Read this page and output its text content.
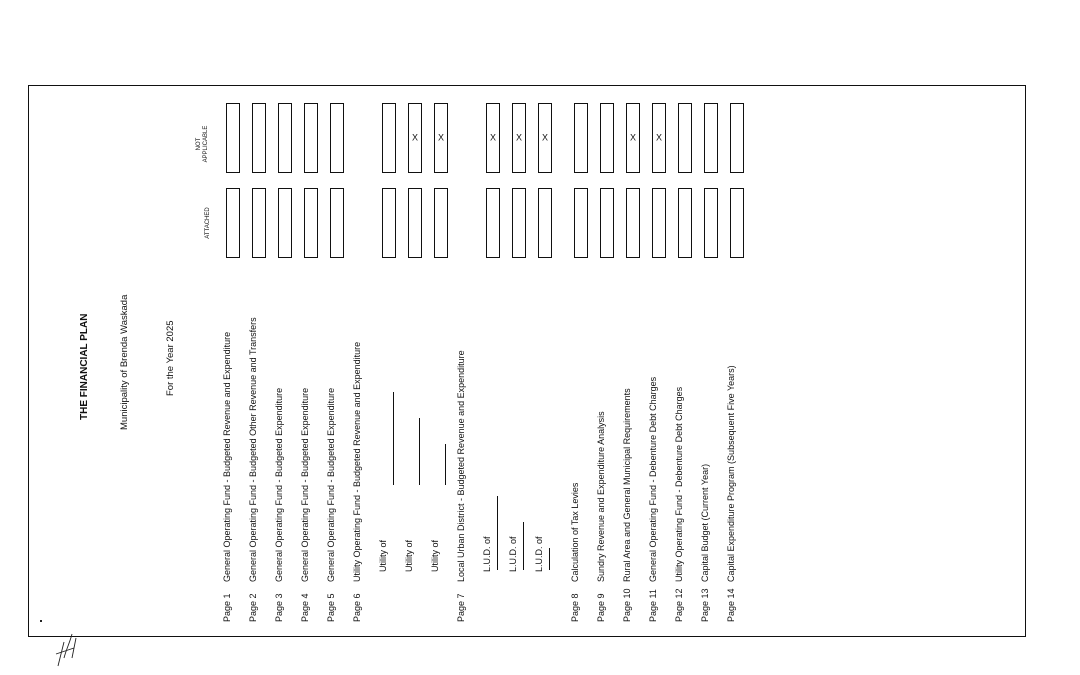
THE FINANCIAL PLAN	Municipality of Brenda Waskada	For the Year 2025
ATTACHED
NOT
APPLICABLE
Page 1
General Operating Fund - Budgeted Revenue and Expenditure
Page 2
General Operating Fund - Budgeted Other Revenue and Transfers
Page 3
General Operating Fund - Budgeted Expenditure
Page 4
General Operating Fund - Budgeted Expenditure
Page 5
General Operating Fund - Budgeted Expenditure
Page 6
Utility Operating Fund - Budgeted Revenue and Expenditure Utility of Utility of
X
Utility of
X
Page 7
Local Urban District - Budgeted Revenue and Expenditure L.U.D. of
X
L.U.D. of
X
L.U.D. of
X
Page 8
Calculation of Tax Levies
Page 9
Sundry Revenue and Expenditure Analysis
Page 10
Rural Area and General Municipal Requirements
X
Page 11
General Operating Fund - Debenture Debt Charges
X
Page 12
Utility Operating Fund - Debenture Debt Charges
Page 13
Capital Budget (Current Year)
Page 14
Capital Expenditure Program (Subsequent Five Years)
